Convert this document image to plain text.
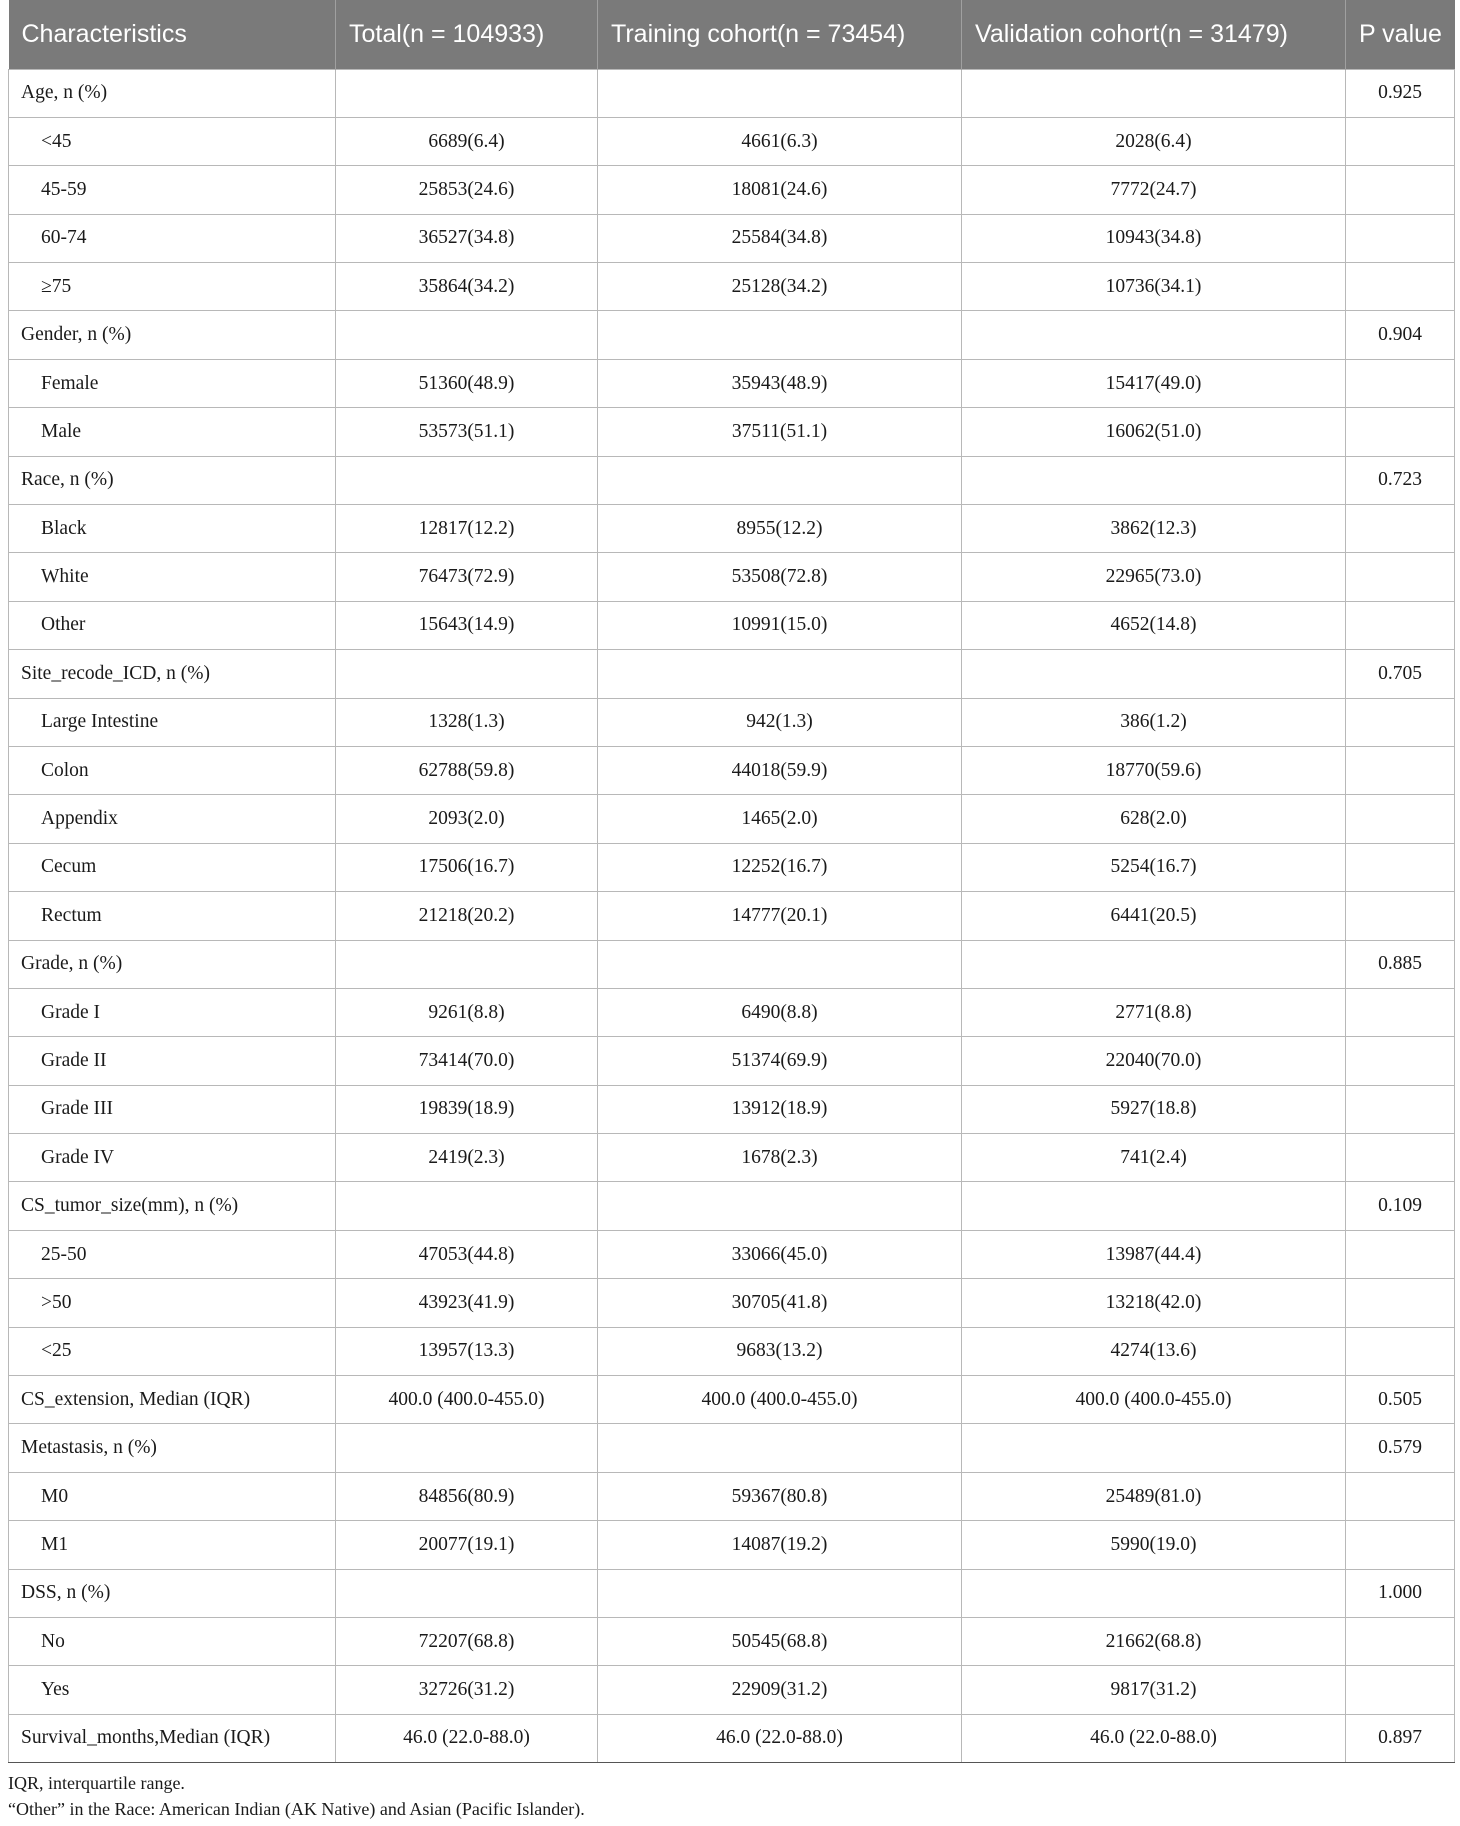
Characteristics	Total(n = 104933)	Training cohort(n = 73454)	Validation cohort(n = 31479)	P value
Age, n (%)				0.925
<45	6689(6.4)	4661(6.3)	2028(6.4)	
45-59	25853(24.6)	18081(24.6)	7772(24.7)	
60-74	36527(34.8)	25584(34.8)	10943(34.8)	
≥75	35864(34.2)	25128(34.2)	10736(34.1)	
Gender, n (%)				0.904
Female	51360(48.9)	35943(48.9)	15417(49.0)	
Male	53573(51.1)	37511(51.1)	16062(51.0)	
Race, n (%)				0.723
Black	12817(12.2)	8955(12.2)	3862(12.3)	
White	76473(72.9)	53508(72.8)	22965(73.0)	
Other	15643(14.9)	10991(15.0)	4652(14.8)	
Site_recode_ICD, n (%)				0.705
Large Intestine	1328(1.3)	942(1.3)	386(1.2)	
Colon	62788(59.8)	44018(59.9)	18770(59.6)	
Appendix	2093(2.0)	1465(2.0)	628(2.0)	
Cecum	17506(16.7)	12252(16.7)	5254(16.7)	
Rectum	21218(20.2)	14777(20.1)	6441(20.5)	
Grade, n (%)				0.885
Grade I	9261(8.8)	6490(8.8)	2771(8.8)	
Grade II	73414(70.0)	51374(69.9)	22040(70.0)	
Grade III	19839(18.9)	13912(18.9)	5927(18.8)	
Grade IV	2419(2.3)	1678(2.3)	741(2.4)	
CS_tumor_size(mm), n (%)				0.109
25-50	47053(44.8)	33066(45.0)	13987(44.4)	
>50	43923(41.9)	30705(41.8)	13218(42.0)	
<25	13957(13.3)	9683(13.2)	4274(13.6)	
CS_extension, Median (IQR)	400.0 (400.0-455.0)	400.0 (400.0-455.0)	400.0 (400.0-455.0)	0.505
Metastasis, n (%)				0.579
M0	84856(80.9)	59367(80.8)	25489(81.0)	
M1	20077(19.1)	14087(19.2)	5990(19.0)	
DSS, n (%)				1.000
No	72207(68.8)	50545(68.8)	21662(68.8)	
Yes	32726(31.2)	22909(31.2)	9817(31.2)	
Survival_months,Median (IQR)	46.0 (22.0-88.0)	46.0 (22.0-88.0)	46.0 (22.0-88.0)	0.897
IQR, interquartile range.
“Other” in the Race: American Indian (AK Native) and Asian (Pacific Islander).
